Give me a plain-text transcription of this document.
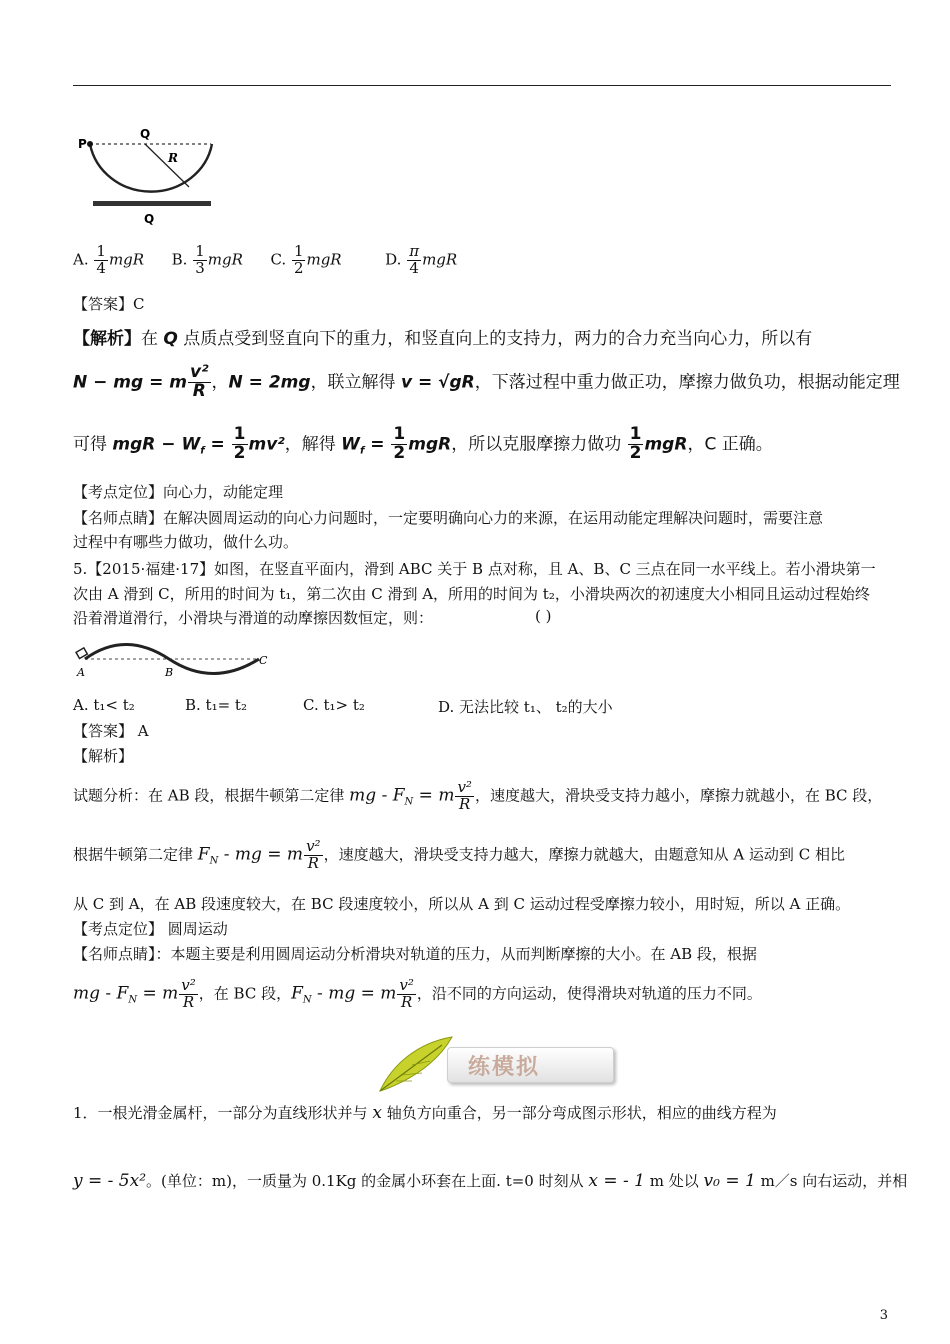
P
Q
R
Q
A. $\frac{1}{4}$ mgR B. $\frac{1}{3}$ mgR C. $\frac{1}{2}$ mgR	D. $\frac{\pi}{4}$ mgR
【答案】C
【解析】在 Q 点质点受到竖直向下的重力，和竖直向上的支持力，两力的合力充当向心力，所以有
N − mg = m $\frac{\text{v²}}{R}$ ，N = 2mg，联立解得 v = √gR，下落过程中重力做正功，摩擦力做负功，根据动能定理
可得 mgR − $W_f = \frac{1}{2} mv^2$，解得 $W_f = \frac{1}{2}$ mgR，所以克服摩擦力做功 $\frac{1}{2}$ mgR，C 正确。
【考点定位】向心力，动能定理
【名师点睛】在解决圆周运动的向心力问题时，一定要明确向心力的来源，在运用动能定理解决问题时，需要注意
过程中有哪些力做功，做什么功。
5.【2015·福建·17】如图，在竖直平面内，滑到 ABC 关于 B 点对称，且 A、B、C 三点在同一水平线上。若小滑块第一
次由 A 滑到 C，所用的时间为 t₁，第二次由 C 滑到 A，所用的时间为 t₂，小滑块两次的初速度大小相同且运动过程始终
沿着滑道滑行，小滑块与滑道的动摩擦因数恒定，则：	( )
A	B
C
A. t₁< t₂	B. t₁= t₂	C. t₁> t₂	D. 无法比较 t₁、 t₂的大小
【答案】 A
【解析】
试题分析：在 AB 段，根据牛顿第二定律 mg - $F_N = m \frac{\text{v²}}{R}$ ，速度越大，滑块受支持力越小，摩擦力就越小，在 BC 段，
根据牛顿第二定律 $F_N$ - mg = m $\frac{\text{v²}}{R}$ ，速度越大，滑块受支持力越大，摩擦力就越大，由题意知从 A 运动到 C 相比
从 C 到 A，在 AB 段速度较大，在 BC 段速度较小，所以从 A 到 C 运动过程受摩擦力较小，用时短，所以 A 正确。
【考点定位】 圆周运动
【名师点睛】：本题主要是利用圆周运动分析滑块对轨道的压力，从而判断摩擦的大小。在 AB 段，根据
mg - $F_N = m \frac{\text{v²}}{R}$ ，在 BC 段，$F_N$ - mg = m $\frac{\text{v²}}{R}$ ，沿不同的方向运动，使得滑块对轨道的压力不同。
练模拟
1．一根光滑金属杆，一部分为直线形状并与 x 轴负方向重合，另一部分弯成图示形状，相应的曲线方程为
y = - 5x²。(单位：m)，一质量为 0.1Kg 的金属小环套在上面. t=0 时刻从 x = - 1 m 处以 v₀ = 1 m／s 向右运动，并相
3
